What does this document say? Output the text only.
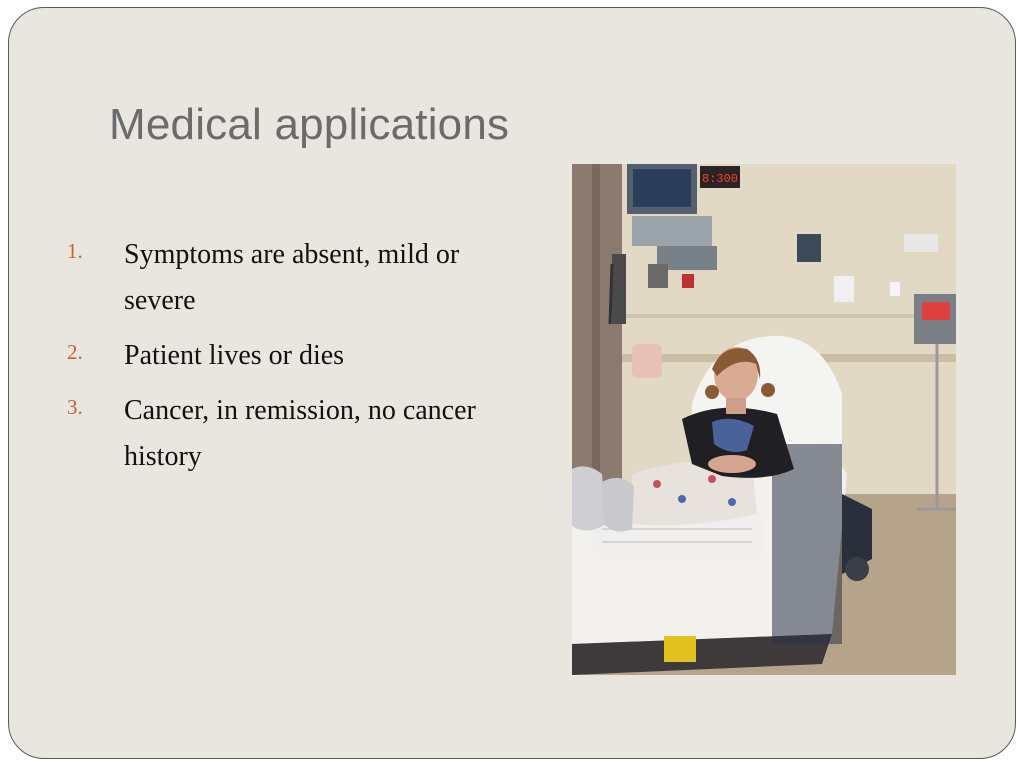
Medical applications
1. Symptoms are absent, mild or severe
2. Patient lives or dies
3. Cancer, in remission, no cancer history
8:300
